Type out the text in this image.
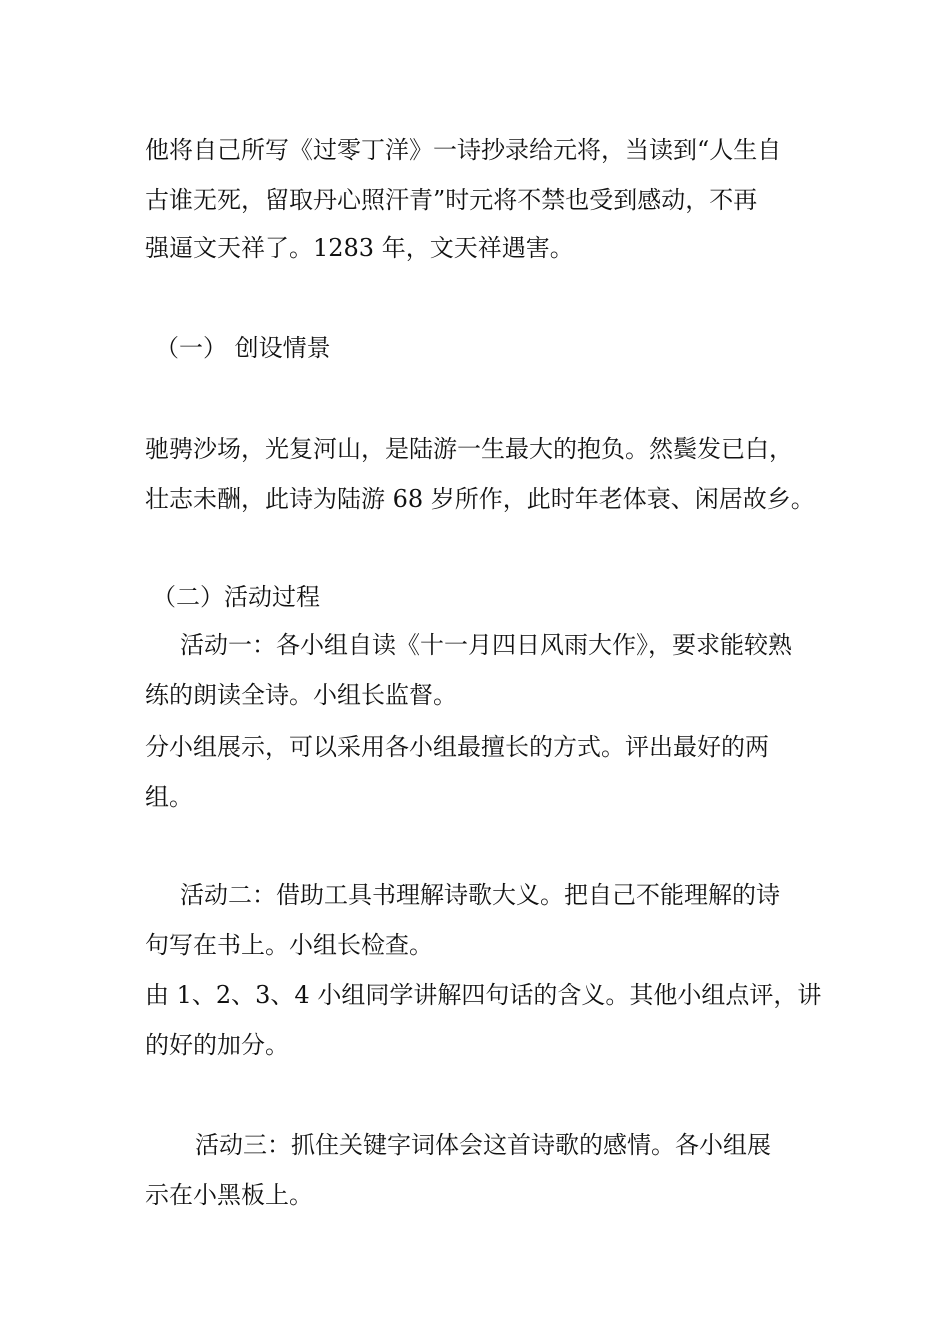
他将自己所写《过零丁洋》一诗抄录给元将，当读到“人生自
古谁无死，留取丹心照汗青”时元将不禁也受到感动，不再
强逼文天祥了。1283 年，文天祥遇害。
（一） 创设情景
驰骋沙场，光复河山，是陆游一生最大的抱负。然鬓发已白，
壮志未酬，此诗为陆游 68 岁所作，此时年老体衰、闲居故乡。
（二）活动过程
活动一：各小组自读《十一月四日风雨大作》，要求能较熟
练的朗读全诗。小组长监督。
分小组展示，可以采用各小组最擅长的方式。评出最好的两
组。
活动二：借助工具书理解诗歌大义。把自己不能理解的诗
句写在书上。小组长检查。
由 1、2、3、4 小组同学讲解四句话的含义。其他小组点评，讲
的好的加分。
活动三：抓住关键字词体会这首诗歌的感情。各小组展
示在小黑板上。
